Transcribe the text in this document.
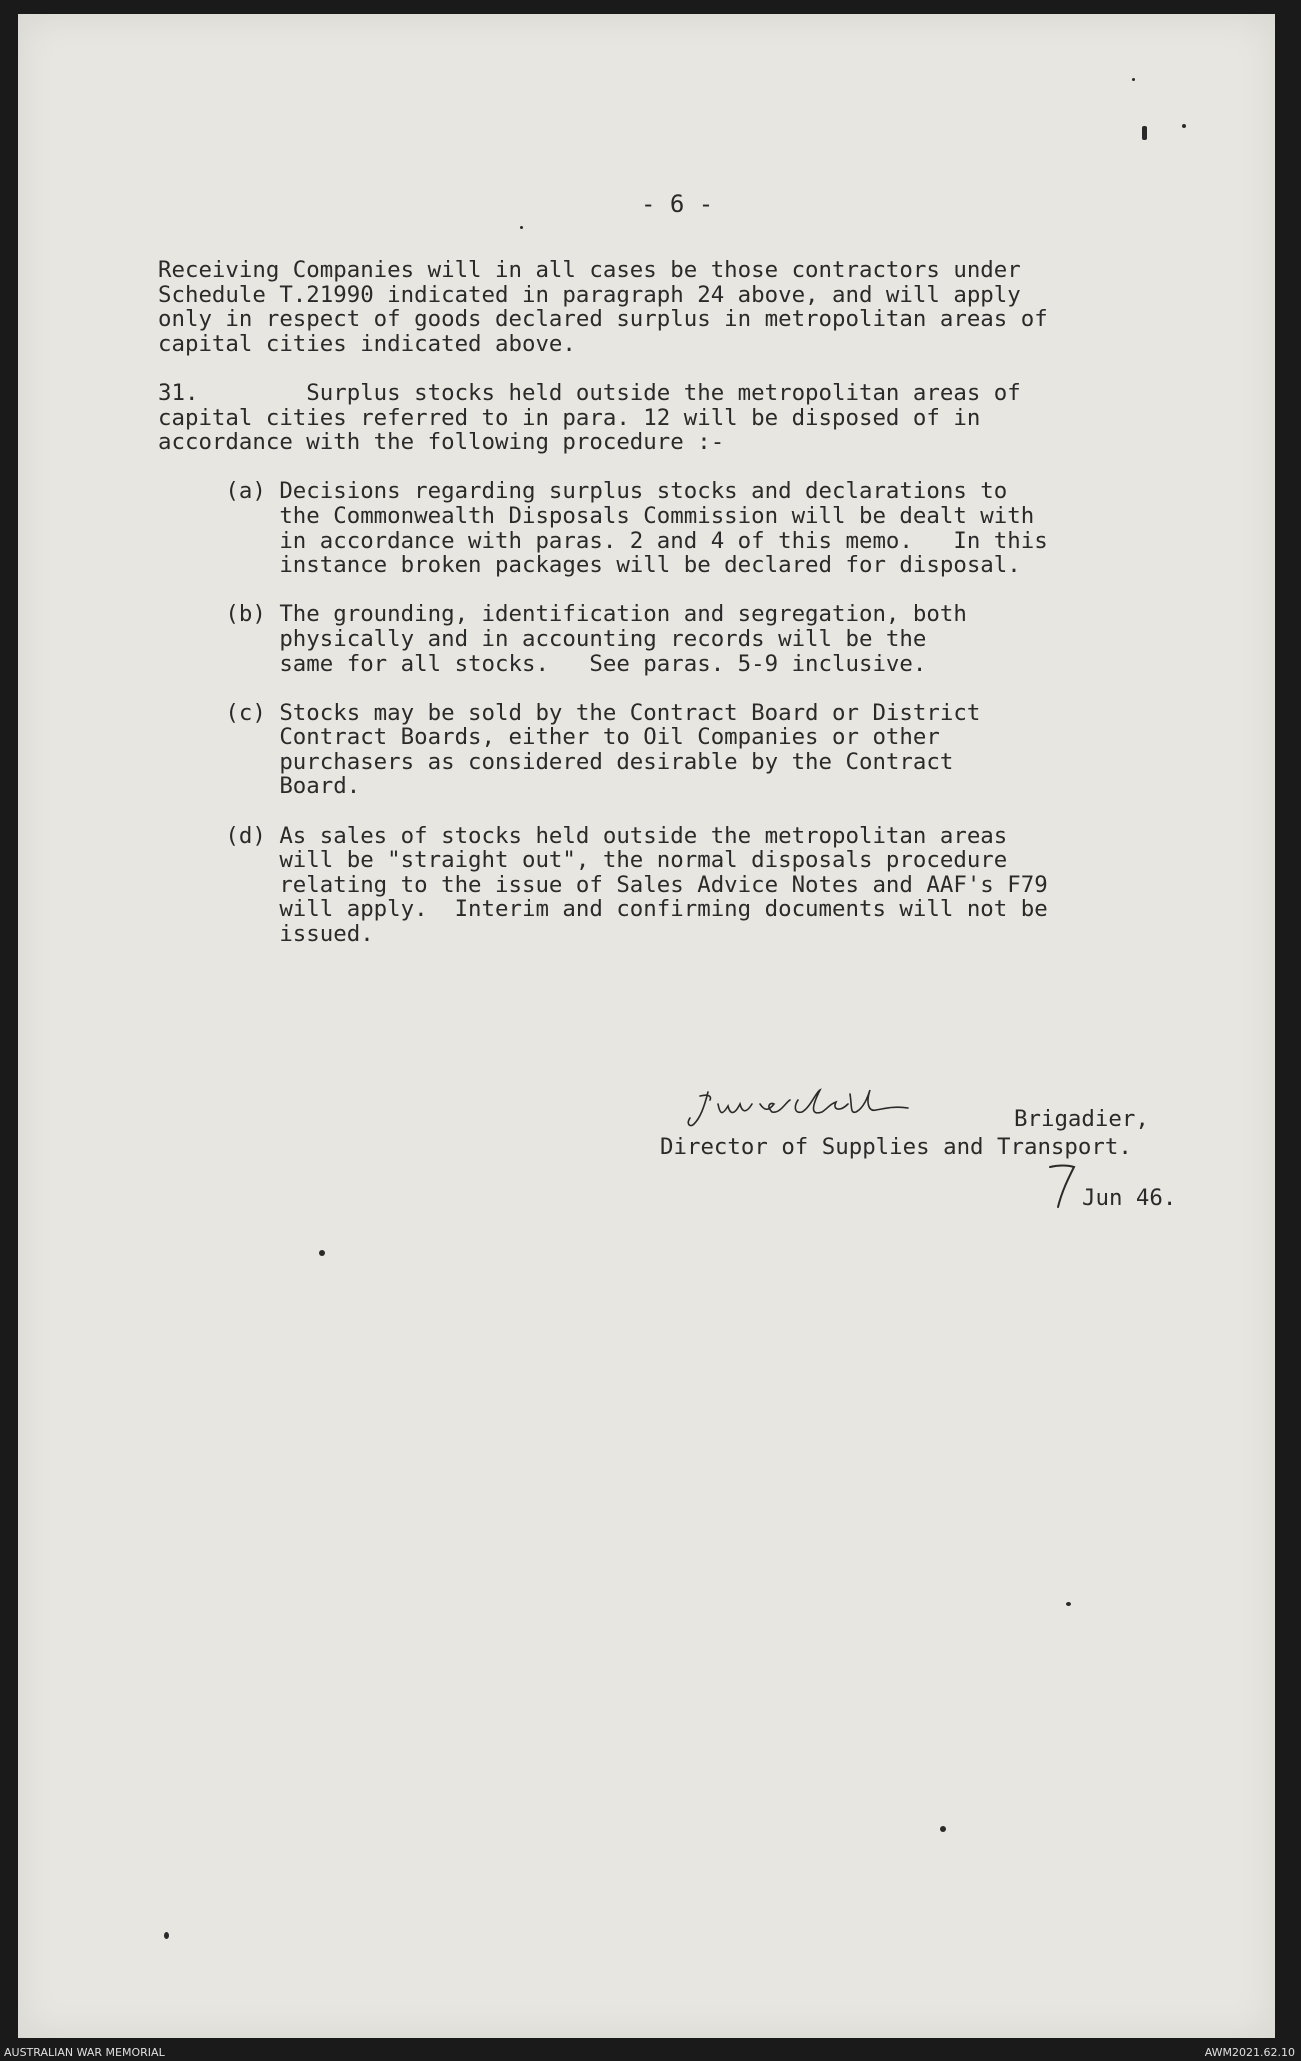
- 6 -
Receiving Companies will in all cases be those contractors under
Schedule T.21990 indicated in paragraph 24 above, and will apply
only in respect of goods declared surplus in metropolitan areas of
capital cities indicated above.
31.        Surplus stocks held outside the metropolitan areas of
capital cities referred to in para. 12 will be disposed of in
accordance with the following procedure :-
(a) Decisions regarding surplus stocks and declarations to
the Commonwealth Disposals Commission will be dealt with
in accordance with paras. 2 and 4 of this memo.   In this
instance broken packages will be declared for disposal.
(b) The grounding, identification and segregation, both
physically and in accounting records will be the
same for all stocks.   See paras. 5-9 inclusive.
(c) Stocks may be sold by the Contract Board or District
Contract Boards, either to Oil Companies or other
purchasers as considered desirable by the Contract
Board.
(d) As sales of stocks held outside the metropolitan areas
will be "straight out", the normal disposals procedure
relating to the issue of Sales Advice Notes and AAF's F79
will apply.  Interim and confirming documents will not be
issued.
Brigadier,
Director of Supplies and Transport.
Jun 46.
AUSTRALIAN WAR MEMORIAL	AWM2021.62.10
